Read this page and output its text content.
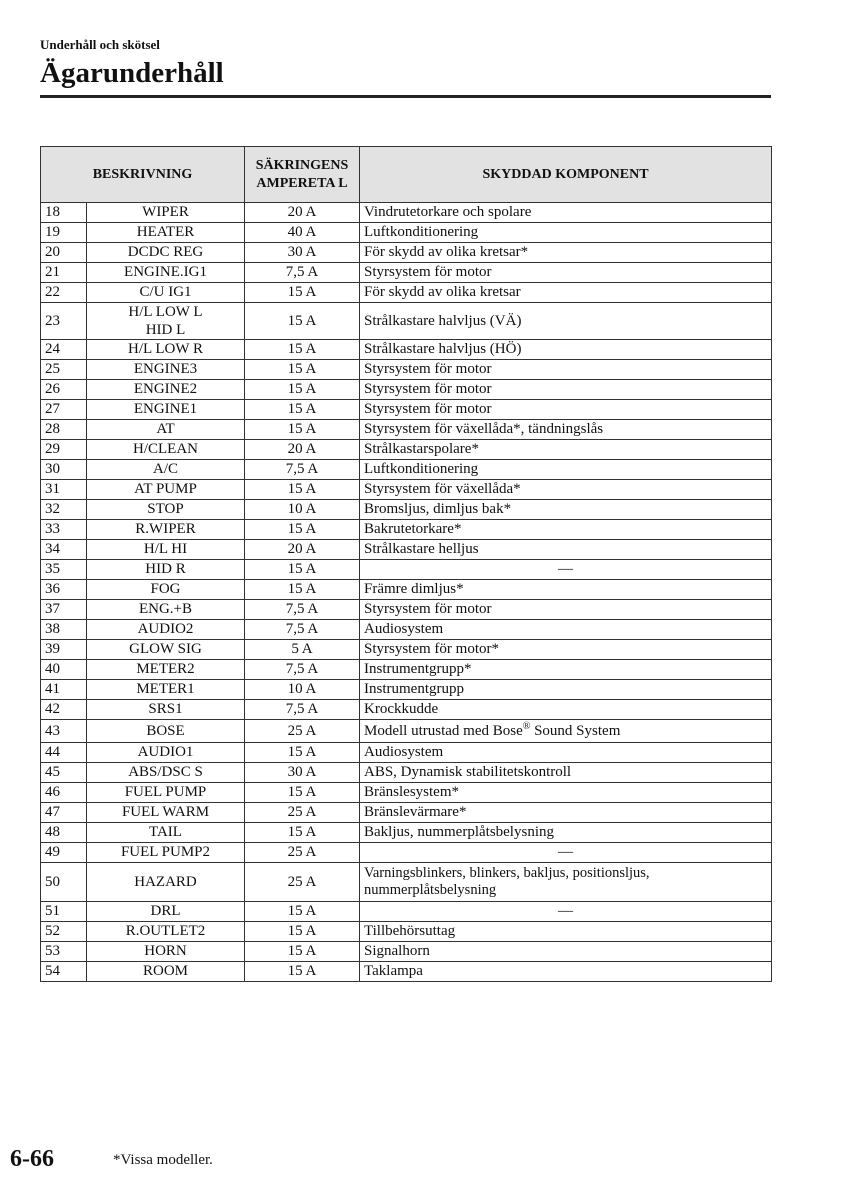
Underhåll och skötsel
Ägarunderhåll
BESKRIVNING		SÄKRINGENS AMPERETA L	SKYDDAD KOMPONENT
18	WIPER	20 A	Vindrutetorkare och spolare
19	HEATER	40 A	Luftkonditionering
20	DCDC REG	30 A	För skydd av olika kretsar*
21	ENGINE.IG1	7,5 A	Styrsystem för motor
22	C/U IG1	15 A	För skydd av olika kretsar
23	H/L LOW L
HID L	15 A	Strålkastare halvljus (VÄ)
24	H/L LOW R	15 A	Strålkastare halvljus (HÖ)
25	ENGINE3	15 A	Styrsystem för motor
26	ENGINE2	15 A	Styrsystem för motor
27	ENGINE1	15 A	Styrsystem för motor
28	AT	15 A	Styrsystem för växellåda*, tändningslås
29	H/CLEAN	20 A	Strålkastarspolare*
30	A/C	7,5 A	Luftkonditionering
31	AT PUMP	15 A	Styrsystem för växellåda*
32	STOP	10 A	Bromsljus, dimljus bak*
33	R.WIPER	15 A	Bakrutetorkare*
34	H/L HI	20 A	Strålkastare helljus
35	HID R	15 A	—
36	FOG	15 A	Främre dimljus*
37	ENG.+B	7,5 A	Styrsystem för motor
38	AUDIO2	7,5 A	Audiosystem
39	GLOW SIG	5 A	Styrsystem för motor*
40	METER2	7,5 A	Instrumentgrupp*
41	METER1	10 A	Instrumentgrupp
42	SRS1	7,5 A	Krockkudde
43	BOSE	25 A	Modell utrustad med Bose® Sound System
44	AUDIO1	15 A	Audiosystem
45	ABS/DSC S	30 A	ABS, Dynamisk stabilitetskontroll
46	FUEL PUMP	15 A	Bränslesystem*
47	FUEL WARM	25 A	Bränslevärmare*
48	TAIL	15 A	Bakljus, nummerplåtsbelysning
49	FUEL PUMP2	25 A	—
50	HAZARD	25 A	Varningsblinkers, blinkers, bakljus, positionsljus,
nummerplåtsbelysning
51	DRL	15 A	—
52	R.OUTLET2	15 A	Tillbehörsuttag
53	HORN	15 A	Signalhorn
54	ROOM	15 A	Taklampa
6-66	*Vissa modeller.
